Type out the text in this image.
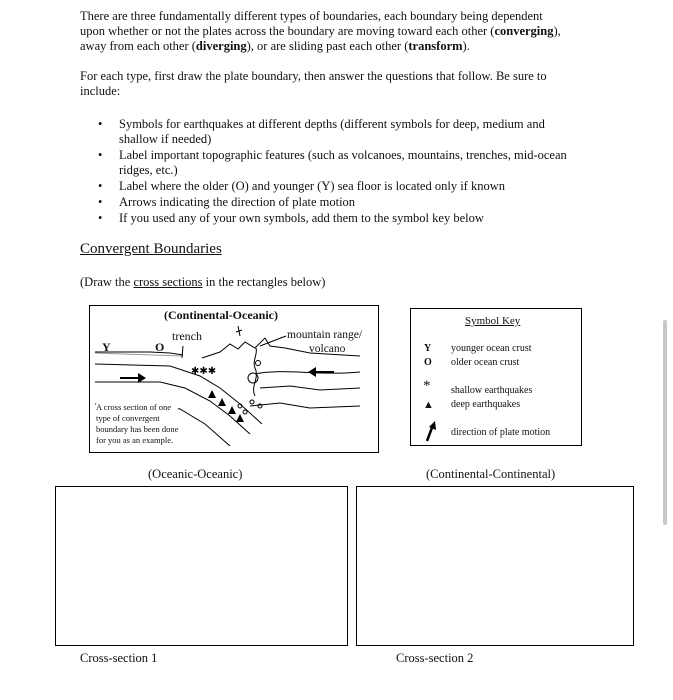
There are three fundamentally different types of boundaries, each boundary being dependent
upon whether or not the plates across the boundary are moving toward each other (converging),
away from each other (diverging), or are sliding past each other (transform).
For each type, first draw the plate boundary, then answer the questions that follow. Be sure to
include:
• Symbols for earthquakes at different depths (different symbols for deep, medium and
shallow if needed)
• Label important topographic features (such as volcanoes, mountains, trenches, mid-ocean
ridges, etc.)
• Label where the older (O) and younger (Y) sea floor is located only if known
• Arrows indicating the direction of plate motion
• If you used any of your own symbols, add them to the symbol key below
Convergent Boundaries
(Draw the cross sections in the rectangles below)
(Continental-Oceanic)
trench	mountain range/
volcano
Y	O
✱✱✱
A cross section of one
type of convergent
boundary has been done
for you as an example.
Symbol Key
Y younger ocean crust
O older ocean crust
* shallow earthquakes
▲ deep earthquakes
direction of plate motion
(Oceanic-Oceanic)	(Continental-Continental)
Cross-section 1	Cross-section 2
